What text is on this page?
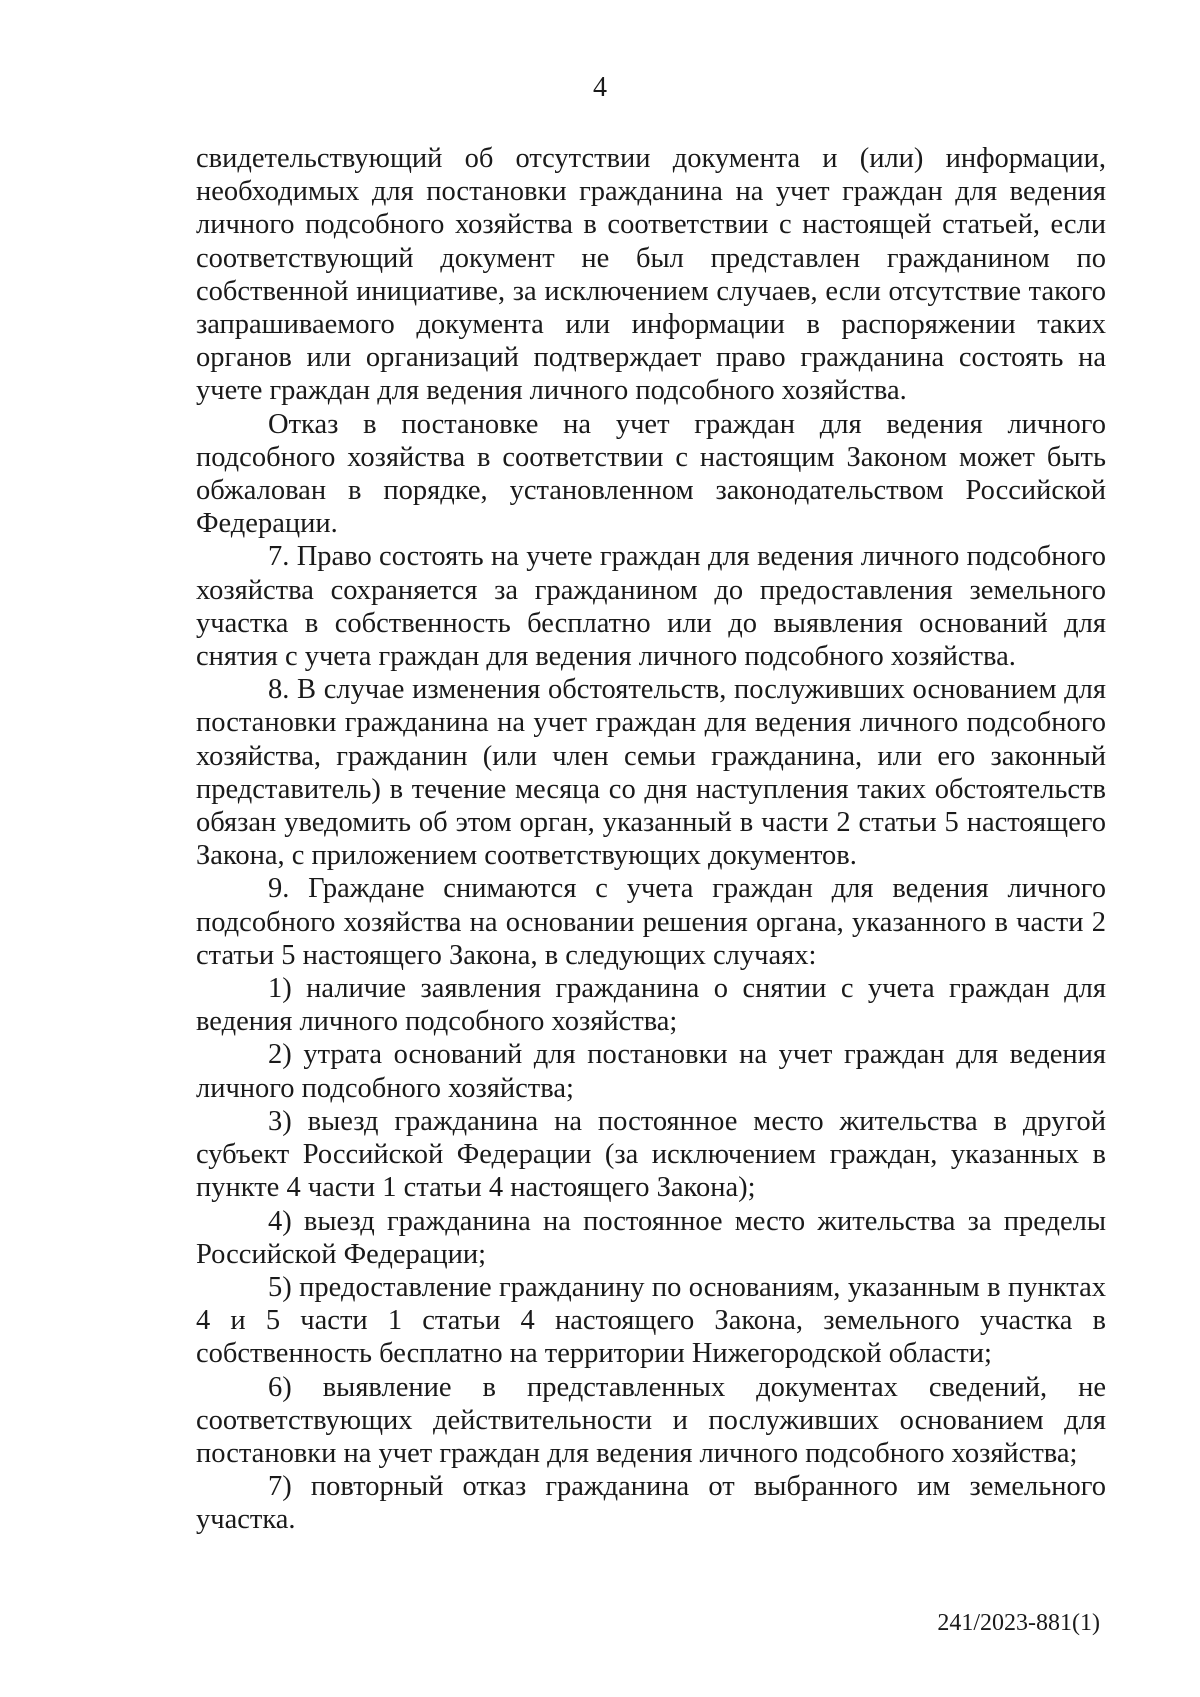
4

свидетельствующий об отсутствии документа и (или) информации, необходимых для постановки гражданина на учет граждан для ведения личного подсобного хозяйства в соответствии с настоящей статьей, если соответствующий документ не был представлен гражданином по собственной инициативе, за исключением случаев, если отсутствие такого запрашиваемого документа или информации в распоряжении таких органов или организаций подтверждает право гражданина состоять на учете граждан для ведения личного подсобного хозяйства.

Отказ в постановке на учет граждан для ведения личного подсобного хозяйства в соответствии с настоящим Законом может быть обжалован в порядке, установленном законодательством Российской Федерации.

7. Право состоять на учете граждан для ведения личного подсобного хозяйства сохраняется за гражданином до предоставления земельного участка в собственность бесплатно или до выявления оснований для снятия с учета граждан для ведения личного подсобного хозяйства.

8. В случае изменения обстоятельств, послуживших основанием для постановки гражданина на учет граждан для ведения личного подсобного хозяйства, гражданин (или член семьи гражданина, или его законный представитель) в течение месяца со дня наступления таких обстоятельств обязан уведомить об этом орган, указанный в части 2 статьи 5 настоящего Закона, с приложением соответствующих документов.

9. Граждане снимаются с учета граждан для ведения личного подсобного хозяйства на основании решения органа, указанного в части 2 статьи 5 настоящего Закона, в следующих случаях:

1) наличие заявления гражданина о снятии с учета граждан для ведения личного подсобного хозяйства;

2) утрата оснований для постановки на учет граждан для ведения личного подсобного хозяйства;

3) выезд гражданина на постоянное место жительства в другой субъект Российской Федерации (за исключением граждан, указанных в пункте 4 части 1 статьи 4 настоящего Закона);

4) выезд гражданина на постоянное место жительства за пределы Российской Федерации;

5) предоставление гражданину по основаниям, указанным в пунктах 4 и 5 части 1 статьи 4 настоящего Закона, земельного участка в собственность бесплатно на территории Нижегородской области;

6) выявление в представленных документах сведений, не соответствующих действительности и послуживших основанием для постановки на учет граждан для ведения личного подсобного хозяйства;

7) повторный отказ гражданина от выбранного им земельного участка.

241/2023-881(1)
